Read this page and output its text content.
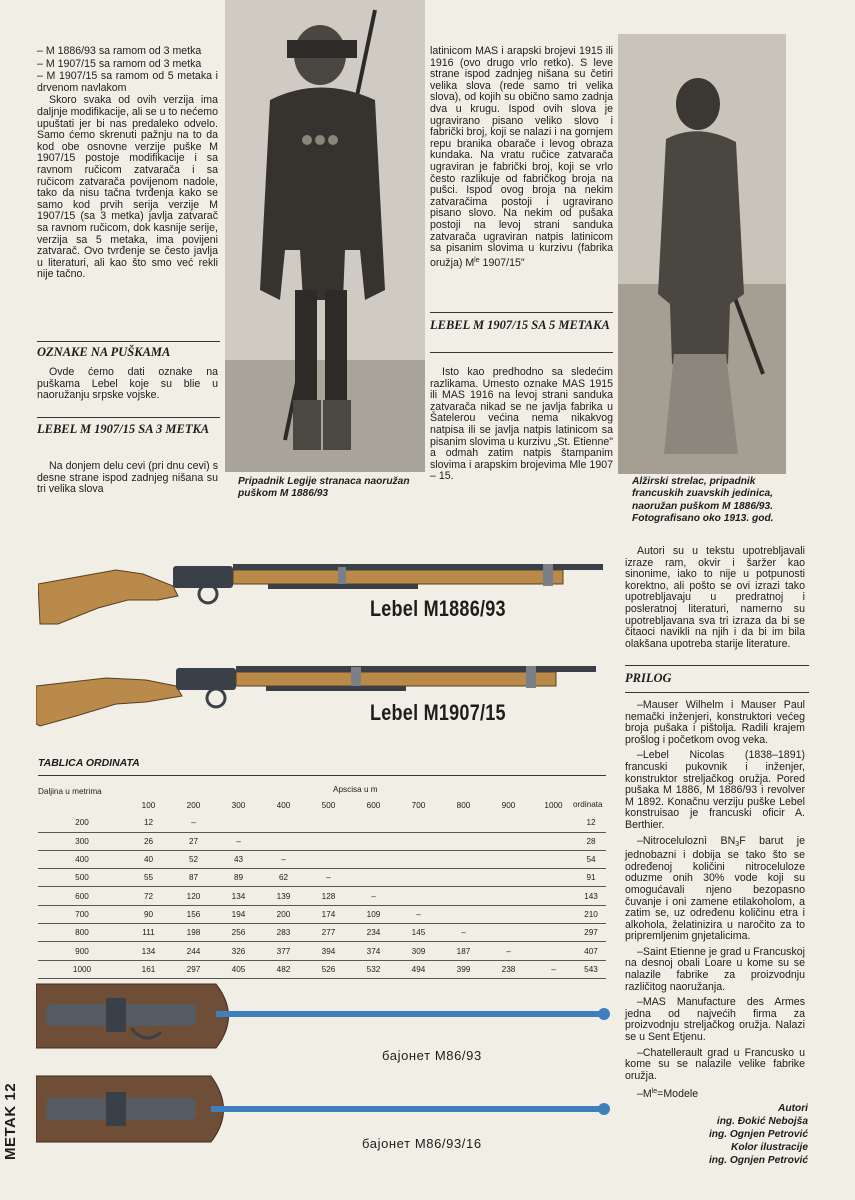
– M 1886/93 sa ramom od 3 metka

– M 1907/15 sa ramom od 3 metka

– M 1907/15 sa ramom od 5 metaka i drvenom navlakom

Skoro svaka od ovih verzija ima daljnje modifikacije, ali se u to nećemo upuštati jer bi nas predaleko odvelo. Samo ćemo skrenuti pažnju na to da kod obe osnovne verzije puške M 1907/15 postoje modifikacije i sa ravnom ručicom zatvarača i sa ručicom zatvarača povijenom nadole, tako da nisu tačna tvrđenja kako se samo kod prvih serija verzije M 1907/15 (sa 3 metka) javlja zatvarač sa ravnom ručicom, dok kasnije serije, verzija sa 5 metaka, ima povijeni zatvarač. Ovo tvrđenje se često javlja u literaturi, ali kao što smo već rekli nije tačno.

OZNAKE NA PUŠKAMA

Ovde ćemo dati oznake na puškama Lebel koje su blie u naoružanju srpske vojske.

LEBEL M 1907/15 SA 3 METKA

Na donjem delu cevi (pri dnu cevi) s desne strane ispod zadnjeg nišana su tri velika slova

Pripadnik Legije stranaca naoružan puškom M 1886/93

latinicom MAS i arapski brojevi 1915 ili 1916 (ovo drugo vrlo retko). S leve strane ispod zadnjeg nišana su četiri velika slova (rede samo tri velika slova), od kojih su obično samo zadnja dva u krugu. Ispod ovih slova je ugravirano pisano veliko slovo i fabrički broj, koji se nalazi i na gornjem repu branika obarače i levog obraza kundaka. Na vratu ručice zatvarača ugraviran je fabrički broj, koji se vrlo često razlikuje od fabričkog broja na pušci. Ispod ovog broja na nekim zatvaračima postoji i ugravirano pisano slovo. Na nekim od pušaka postoji na levoj strani sanduka zatvarača ugraviran natpis latinicom sa pisanim slovima u kurzivu (fabrika oružja) $M^{le}$ 1907/15"

LEBEL M 1907/15 SA 5 METAKA

Isto kao predhodno sa sledećim razlikama. Umesto oznake MAS 1915 ili MAS 1916 na levoj strani sanduka zatvarača nikad se ne javlja fabrika u Šatelerou većina nema nikakvog natpisa ili se javlja natpis latinicom sa pisanim slovima u kurzivu „St. Etienne" a odmah zatim natpis štampanim slovima i arapskim brojevima Mle 1907 – 15.	Alžirski strelac, pripadnik francuskih zuavskih jedinica, naoružan puškom M 1886/93. Fotografisano oko 1913. god.

Autori su u tekstu upotrebljavali izraze ram, okvir i šaržer kao sinonime, iako to nije u potpunosti korektno, ali pošto se ovi izrazi tako upotrebljavaju u predratnoj i posleratnoj literaturi, namerno su upotrebljavana sva tri izraza da bi se čitaoci navikli na njih i da bi im bila olakšana upotreba starije literature.

PRILOG

Lebel M1886/93
Lebel M1907/15
TABLICA ORDINATA
Daljina u metrima	Apscisa u m
ordinata
	100	200	300	400	500	600	700	800	900	1000	
200	12	–									12
300	26	27	–								28
400	40	52	43	–							54
500	55	87	89	62	–						91
600	72	120	134	139	128	–					143
700	90	156	194	200	174	109	–				210
800	111	198	256	283	277	234	145	–			297
900	134	244	326	377	394	374	309	187	–		407
1000	161	297	405	482	526	532	494	399	238	–	543
бајонет M86/93
бајонет M86/93/16

–Mauser Wilhelm i Mauser Paul nemački inženjeri, konstruktori većeg broja pušaka i pištolja. Radili krajem prošlog i početkom ovog veka.

–Lebel Nicolas (1838–1891) francuski pukovnik i inženjer, konstruktor streljačkog oružja. Pored pušaka M 1886, M 1886/93 i revolver M 1892. Konačnu verziju puške Lebel konstruisao je francuski oficir A. Berthier.

–Nitroceluloznì $BN_3F$ barut je jednobazni i dobija se tako što se određenoj količini nitroceluloze oduzme onih 30% vode koji su omogućavali njeno bezopasno čuvanje i oni zamene etilakoholom, a zatim se, uz određenu količinu etra i alkohola, želatinizira u naročito za to pripremljenim gnjetalicima.

–Saint Etienne je grad u Francuskoj na desnoj obali Loare u kome su se nalazile fabrike za proizvodnju različitog naoružanja.

–MAS Manufacture des Armes jedna od najvećih firma za proizvodnju streljačkog oružja. Nalazi se u Sent Etjenu.

–Chatellerault grad u Francusko u kome su se nalazile velike fabrike oružja.

$-M^{le}=Modele$

Autori
ing. Đokić Nebojša
ing. Ognjen Petrović
Kolor ilustracije
ing. Ognjen Petrović
METAK 12
